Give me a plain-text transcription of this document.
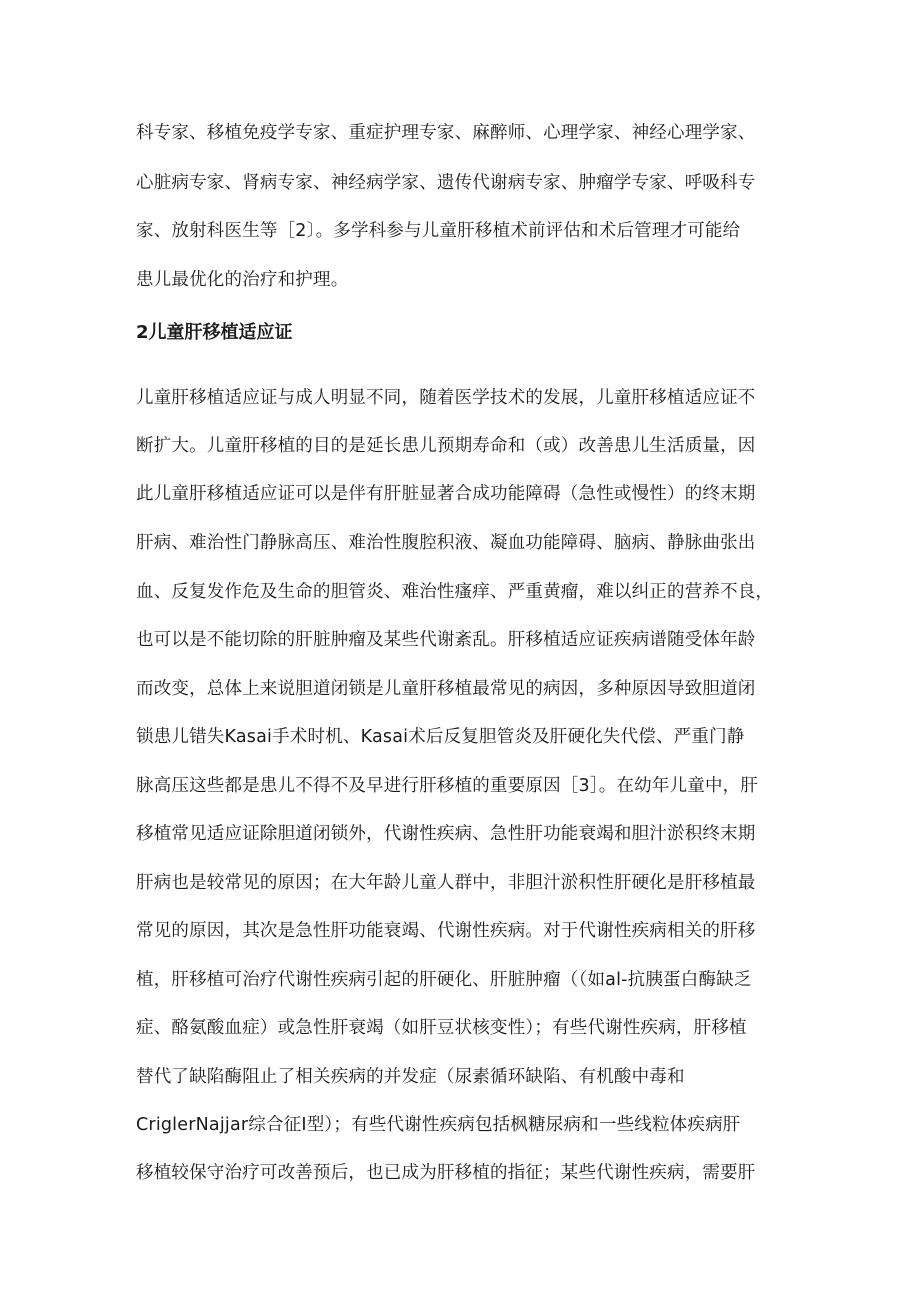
科专家、移植免疫学专家、重症护理专家、麻醉师、心理学家、神经心理学家、
心脏病专家、肾病专家、神经病学家、遗传代谢病专家、肿瘤学专家、呼吸科专
家、放射科医生等［2〕。多学科参与儿童肝移植术前评估和术后管理才可能给
患儿最优化的治疗和护理。
2儿童肝移植适应证
儿童肝移植适应证与成人明显不同，随着医学技术的发展，儿童肝移植适应证不
断扩大。儿童肝移植的目的是延长患儿预期寿命和（或）改善患儿生活质量，因
此儿童肝移植适应证可以是伴有肝脏显著合成功能障碍（急性或慢性）的终末期
肝病、难治性门静脉高压、难治性腹腔积液、凝血功能障碍、脑病、静脉曲张出
血、反复发作危及生命的胆管炎、难治性瘙痒、严重黄瘤，难以纠正的营养不良，
也可以是不能切除的肝脏肿瘤及某些代谢紊乱。肝移植适应证疾病谱随受体年龄
而改变，总体上来说胆道闭锁是儿童肝移植最常见的病因，多种原因导致胆道闭
锁患儿错失Kasai手术时机、Kasai术后反复胆管炎及肝硬化失代偿、严重门静
脉高压这些都是患儿不得不及早进行肝移植的重要原因［3］。在幼年儿童中，肝
移植常见适应证除胆道闭锁外，代谢性疾病、急性肝功能衰竭和胆汁淤积终末期
肝病也是较常见的原因；在大年龄儿童人群中，非胆汁淤积性肝硬化是肝移植最
常见的原因，其次是急性肝功能衰竭、代谢性疾病。对于代谢性疾病相关的肝移
植，肝移植可治疗代谢性疾病引起的肝硬化、肝脏肿瘤（（如al-抗胰蛋白酶缺乏
症、酪氨酸血症）或急性肝衰竭（如肝豆状核变性）；有些代谢性疾病，肝移植
替代了缺陷酶阻止了相关疾病的并发症（尿素循环缺陷、有机酸中毒和
CriglerNajjar综合征I型）；有些代谢性疾病包括枫糖尿病和一些线粒体疾病肝
移植较保守治疗可改善预后，也已成为肝移植的指征；某些代谢性疾病，需要肝
